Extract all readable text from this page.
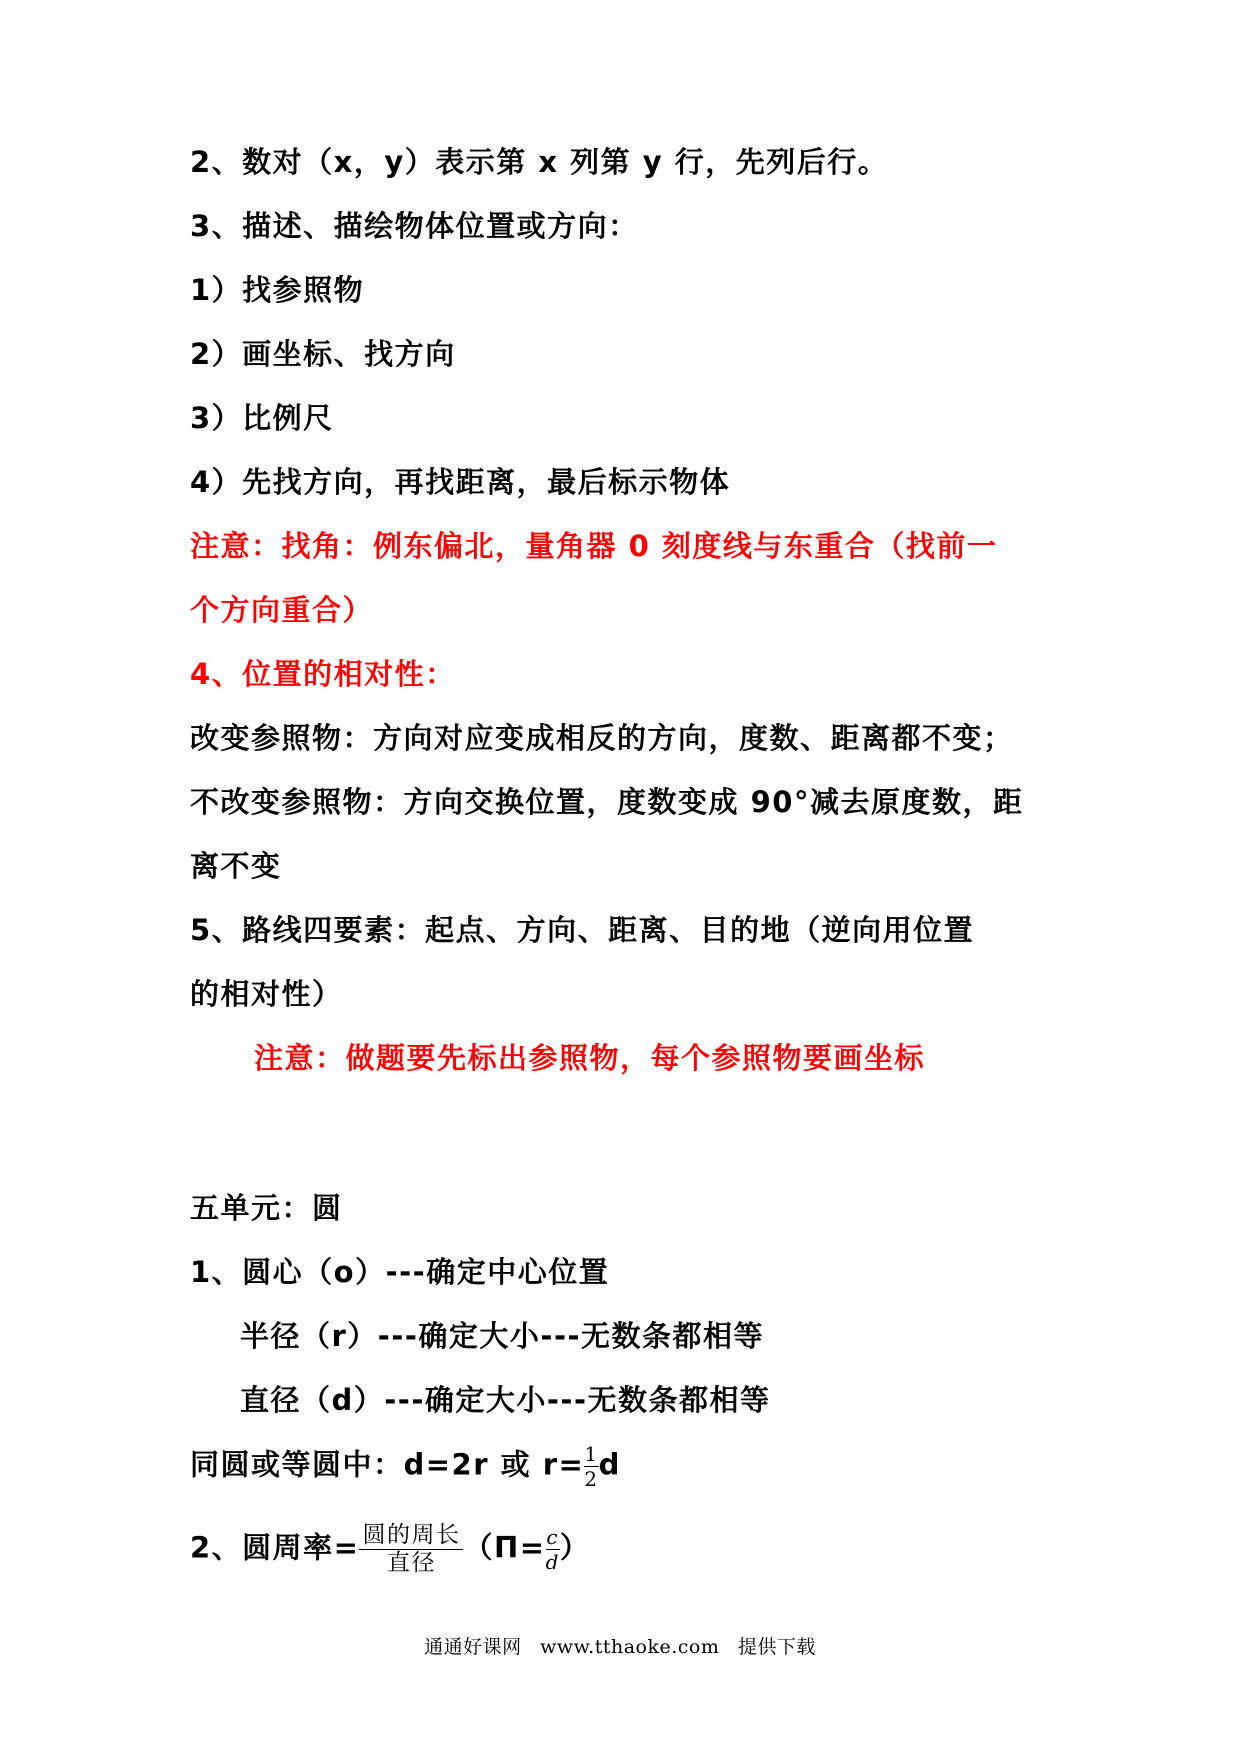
2、数对（x，y）表示第 x 列第 y 行，先列后行。
3、描述、描绘物体位置或方向：
1）找参照物
2）画坐标、找方向
3）比例尺
4）先找方向，再找距离，最后标示物体
注意：找角：例东偏北，量角器 0 刻度线与东重合（找前一
个方向重合）
4、位置的相对性：
改变参照物：方向对应变成相反的方向，度数、距离都不变；
不改变参照物：方向交换位置，度数变成 90°减去原度数，距
离不变
5、路线四要素：起点、方向、距离、目的地（逆向用位置
的相对性）
注意：做题要先标出参照物，每个参照物要画坐标
五单元：圆
1、圆心（o）---确定中心位置
半径（r）---确定大小---无数条都相等
直径（d）---确定大小---无数条都相等
同圆或等圆中：d=2r 或 $r= \frac{1}{2}$ d
2、圆周率= $\frac{\text{圆的周长}}{\text{直径}} (\Pi= \frac{c}{d}$ ）
通通好课网 www.tthaoke.com 提供下载
